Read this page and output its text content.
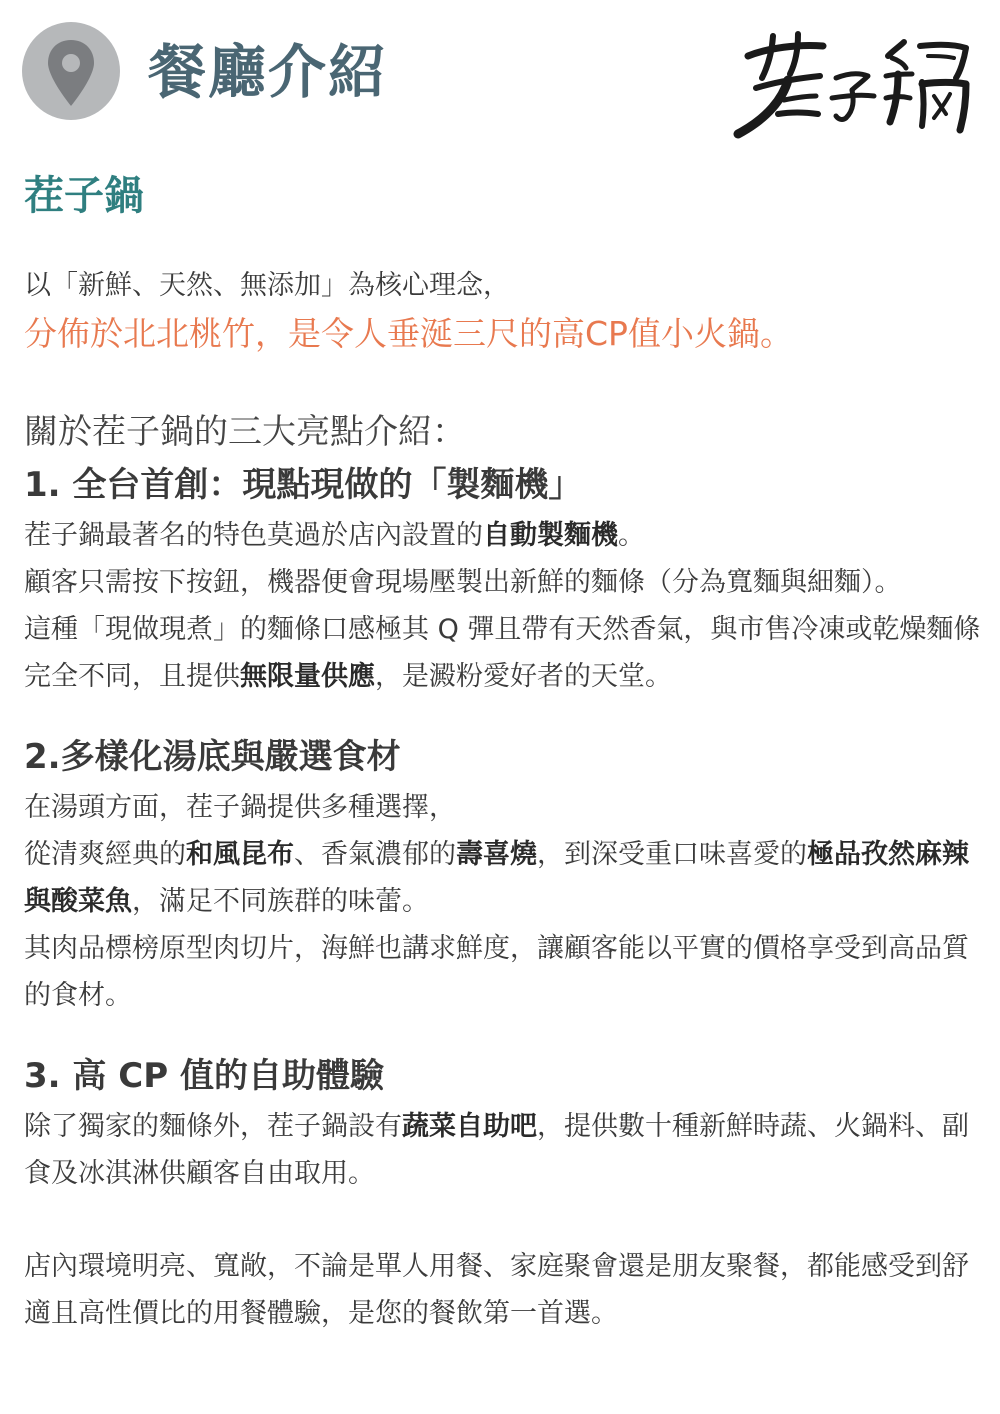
餐廳介紹
茬子鍋
以「新鮮、天然、無添加」為核心理念，
分佈於北北桃竹，是令人垂涎三尺的高CP值小火鍋。
關於茬子鍋的三大亮點介紹：
1. 全台首創：現點現做的「製麵機」

茬子鍋最著名的特色莫過於店內設置的自動製麵機。

顧客只需按下按鈕，機器便會現場壓製出新鮮的麵條（分為寬麵與細麵）。

這種「現做現煮」的麵條口感極其 Q 彈且帶有天然香氣，與市售冷凍或乾燥麵條完全不同，且提供無限量供應，是澱粉愛好者的天堂。

2.多樣化湯底與嚴選食材

在湯頭方面，茬子鍋提供多種選擇，

從清爽經典的和風昆布、香氣濃郁的壽喜燒，到深受重口味喜愛的極品孜然麻辣與酸菜魚，滿足不同族群的味蕾。

其肉品標榜原型肉切片，海鮮也講求鮮度，讓顧客能以平實的價格享受到高品質的食材。

3. 高 CP 值的自助體驗

除了獨家的麵條外，茬子鍋設有蔬菜自助吧，提供數十種新鮮時蔬、火鍋料、副食及冰淇淋供顧客自由取用。

店內環境明亮、寬敞，不論是單人用餐、家庭聚會還是朋友聚餐，都能感受到舒適且高性價比的用餐體驗，是您的餐飲第一首選。
